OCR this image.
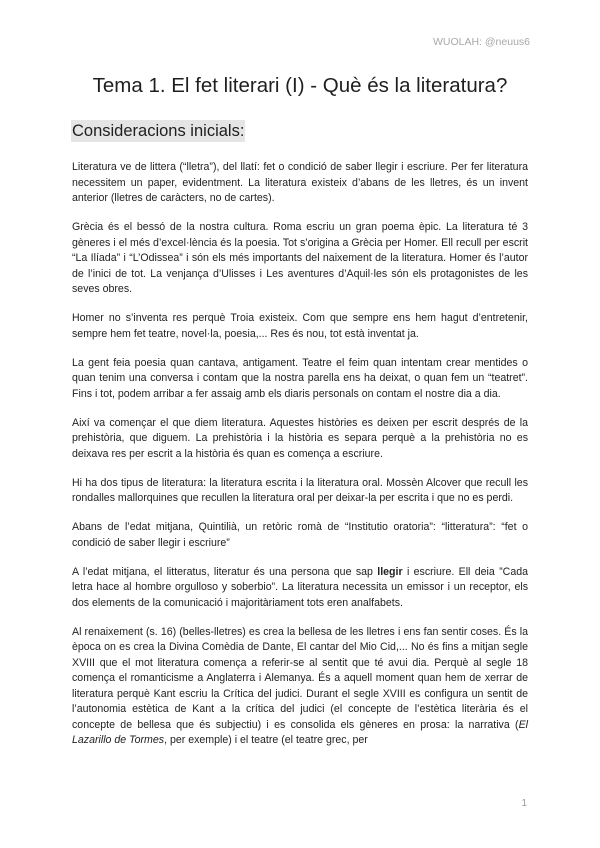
WUOLAH: @neuus6
Tema 1. El fet literari (I) - Què és la literatura?
Consideracions inicials:

Literatura ve de littera (“lletra”), del llatí: fet o condició de saber llegir i escriure. Per fer literatura necessitem un paper, evidentment. La literatura existeix d’abans de les lletres, és un invent anterior (lletres de caràcters, no de cartes).

Grècia és el bessó de la nostra cultura. Roma escriu un gran poema èpic. La literatura té 3 gèneres i el més d’excel·lència és la poesia. Tot s’origina a Grècia per Homer. Ell recull per escrit “La Ilíada” i “L’Odissea” i són els més importants del naixement de la literatura. Homer és l’autor de l’inici de tot. La venjança d’Ulisses i Les aventures d’Aquil·les són els protagonistes de les seves obres.

Homer no s’inventa res perquè Troia existeix. Com que sempre ens hem hagut d’entretenir, sempre hem fet teatre, novel·la, poesia,... Res és nou, tot està inventat ja.

La gent feia poesia quan cantava, antigament. Teatre el feim quan intentam crear mentides o quan tenim una conversa i contam que la nostra parella ens ha deixat, o quan fem un “teatret”. Fins i tot, podem arribar a fer assaig amb els diaris personals on contam el nostre dia a dia.

Així va començar el que diem literatura. Aquestes històries es deixen per escrit després de la prehistòria, que diguem. La prehistòria i la història es separa perquè a la prehistòria no es deixava res per escrit a la història és quan es comença a escriure.

Hi ha dos tipus de literatura: la literatura escrita i la literatura oral. Mossèn Alcover que recull les rondalles mallorquines que recullen la literatura oral per deixar-la per escrita i que no es perdi.

Abans de l’edat mitjana, Quintilià, un retòric romà de “Institutio oratoria”: “litteratura”: “fet o condició de saber llegir i escriure”

A l’edat mitjana, el litteratus, literatur és una persona que sap llegir i escriure. Ell deia ”Cada letra hace al hombre orgulloso y soberbio”. La literatura necessita un emissor i un receptor, els dos elements de la comunicació i majoritàriament tots eren analfabets.

Al renaixement (s. 16) (belles-lletres) es crea la bellesa de les lletres i ens fan sentir coses. És la època on es crea la Divina Comèdia de Dante, El cantar del Mio Cid,... No és fins a mitjan segle XVIII que el mot literatura comença a referir-se al sentit que té avui dia. Perquè al segle 18 comença el romanticisme a Anglaterra i Alemanya. És a aquell moment quan hem de xerrar de literatura perquè Kant escriu la Crítica del judici. Durant el segle XVIII es configura un sentit de l’autonomia estètica de Kant a la crítica del judici (el concepte de l’estètica literària és el concepte de bellesa que és subjectiu) i es consolida els gèneres en prosa: la narrativa (El Lazarillo de Tormes, per exemple) i el teatre (el teatre grec, per

1
